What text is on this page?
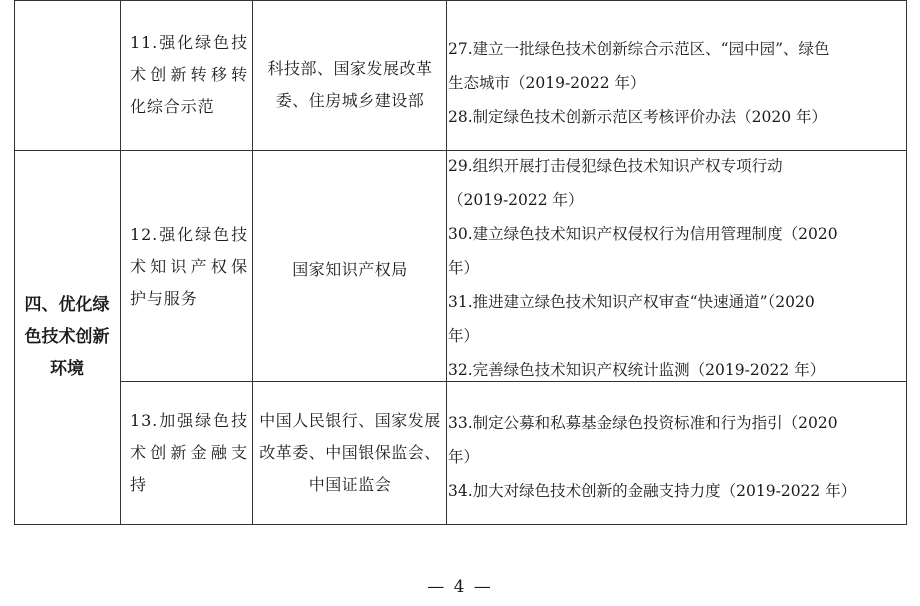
四、优化绿色技术创新环境
11.强化绿色技术创新转移转化综合示范
科技部、国家发展改革委、住房城乡建设部
27.建立一批绿色技术创新综合示范区、“园中园”、绿色
生态城市（2019-2022 年）
28.制定绿色技术创新示范区考核评价办法（2020 年）
12.强化绿色技术知识产权保护与服务
国家知识产权局
29.组织开展打击侵犯绿色技术知识产权专项行动
（2019-2022 年）
30.建立绿色技术知识产权侵权行为信用管理制度（2020
年）
31.推进建立绿色技术知识产权审查“快速通道”（2020
年）
32.完善绿色技术知识产权统计监测（2019-2022 年）
13.加强绿色技术创新金融支持
中国人民银行、国家发展改革委、中国银保监会、中国证监会
33.制定公募和私募基金绿色投资标准和行为指引（2020
年）
34.加大对绿色技术创新的金融支持力度（2019-2022 年）
— 4 —
